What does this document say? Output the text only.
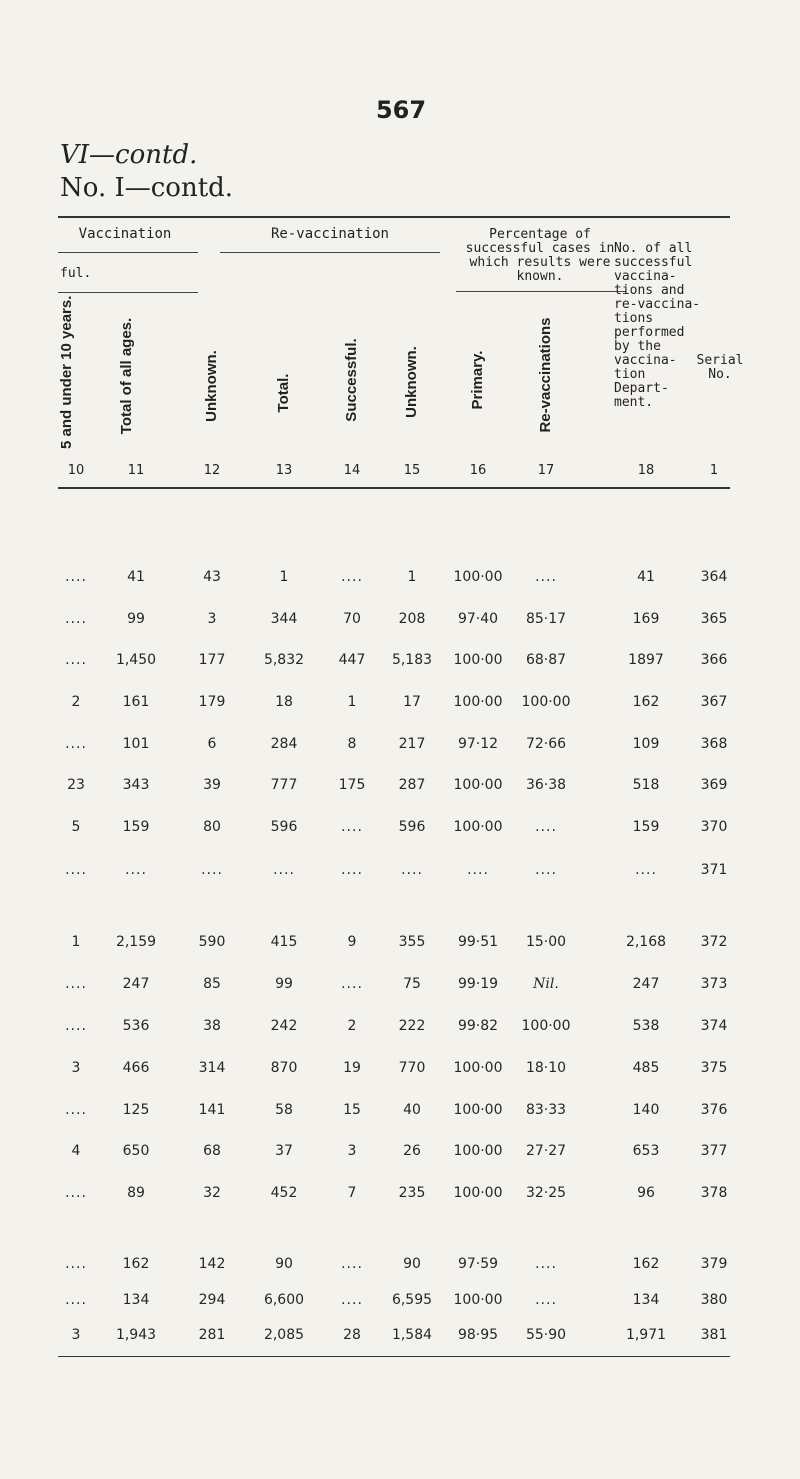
567
VI—contd.
No. I—contd.
Vaccination
ful.
Re-vaccination	Percentage of
successful cases in
which results were
known.
No. of all
successful
vaccina-
tions and
re-vaccina-
tions
performed
by the
vaccina-
tion
Depart-
ment.
Serial
No.
5 and under 10 years.	Total of all ages.	Unknown.	Total.	Successful.	Unknown.	Primary.	Re-vaccinations
10	11	12	13	14	15	16	17	18	1
....	41	43	1	....	1	100·00	....	41	364
....	99	3	344	70	208	97·40	85·17	169	365
....	1,450	177	5,832	447	5,183	100·00	68·87	1897	366
2	161	179	18	1	17	100·00	100·00	162	367
....	101	6	284	8	217	97·12	72·66	109	368
23	343	39	777	175	287	100·00	36·38	518	369
5	159	80	596	....	596	100·00	....	159	370
....	....	....	....	....	....	....	....	....	371
1	2,159	590	415	9	355	99·51	15·00	2,168	372
....	247	85	99	....	75	99·19	Nil.	247	373
....	536	38	242	2	222	99·82	100·00	538	374
3	466	314	870	19	770	100·00	18·10	485	375
....	125	141	58	15	40	100·00	83·33	140	376
4	650	68	37	3	26	100·00	27·27	653	377
....	89	32	452	7	235	100·00	32·25	96	378
....	162	142	90	....	90	97·59	....	162	379
....	134	294	6,600	....	6,595	100·00	....	134	380
3	1,943	281	2,085	28	1,584	98·95	55·90	1,971	381
